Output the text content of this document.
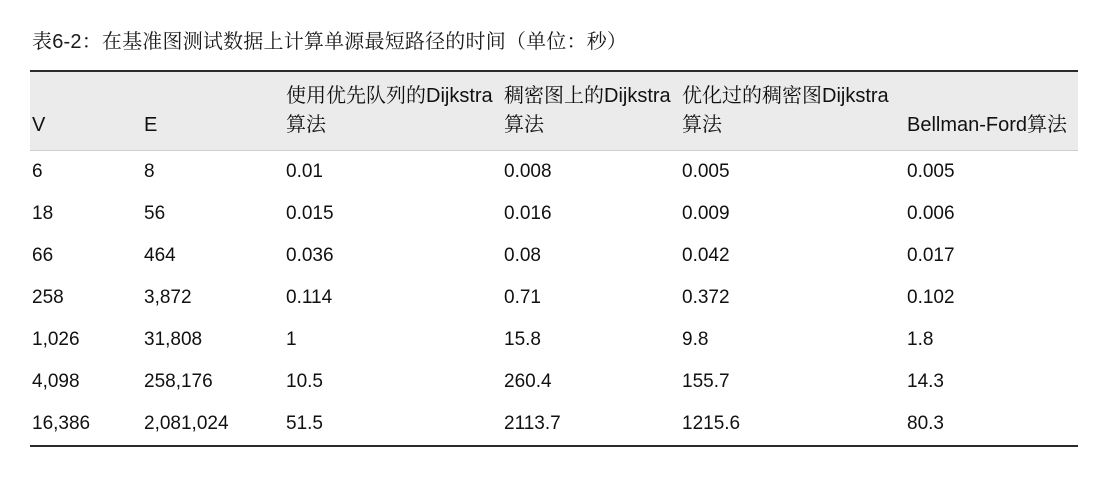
表6-2：在基准图测试数据上计算单源最短路径的时间（单位：秒）
V	E	使用优先队列的Dijkstra算法	稠密图上的Dijkstra算法	优化过的稠密图Dijkstra算法	Bellman-Ford算法
6	8	0.01	0.008	0.005	0.005
18	56	0.015	0.016	0.009	0.006
66	464	0.036	0.08	0.042	0.017
258	3,872	0.114	0.71	0.372	0.102
1,026	31,808	1	15.8	9.8	1.8
4,098	258,176	10.5	260.4	155.7	14.3
16,386	2,081,024	51.5	2113.7	1215.6	80.3
